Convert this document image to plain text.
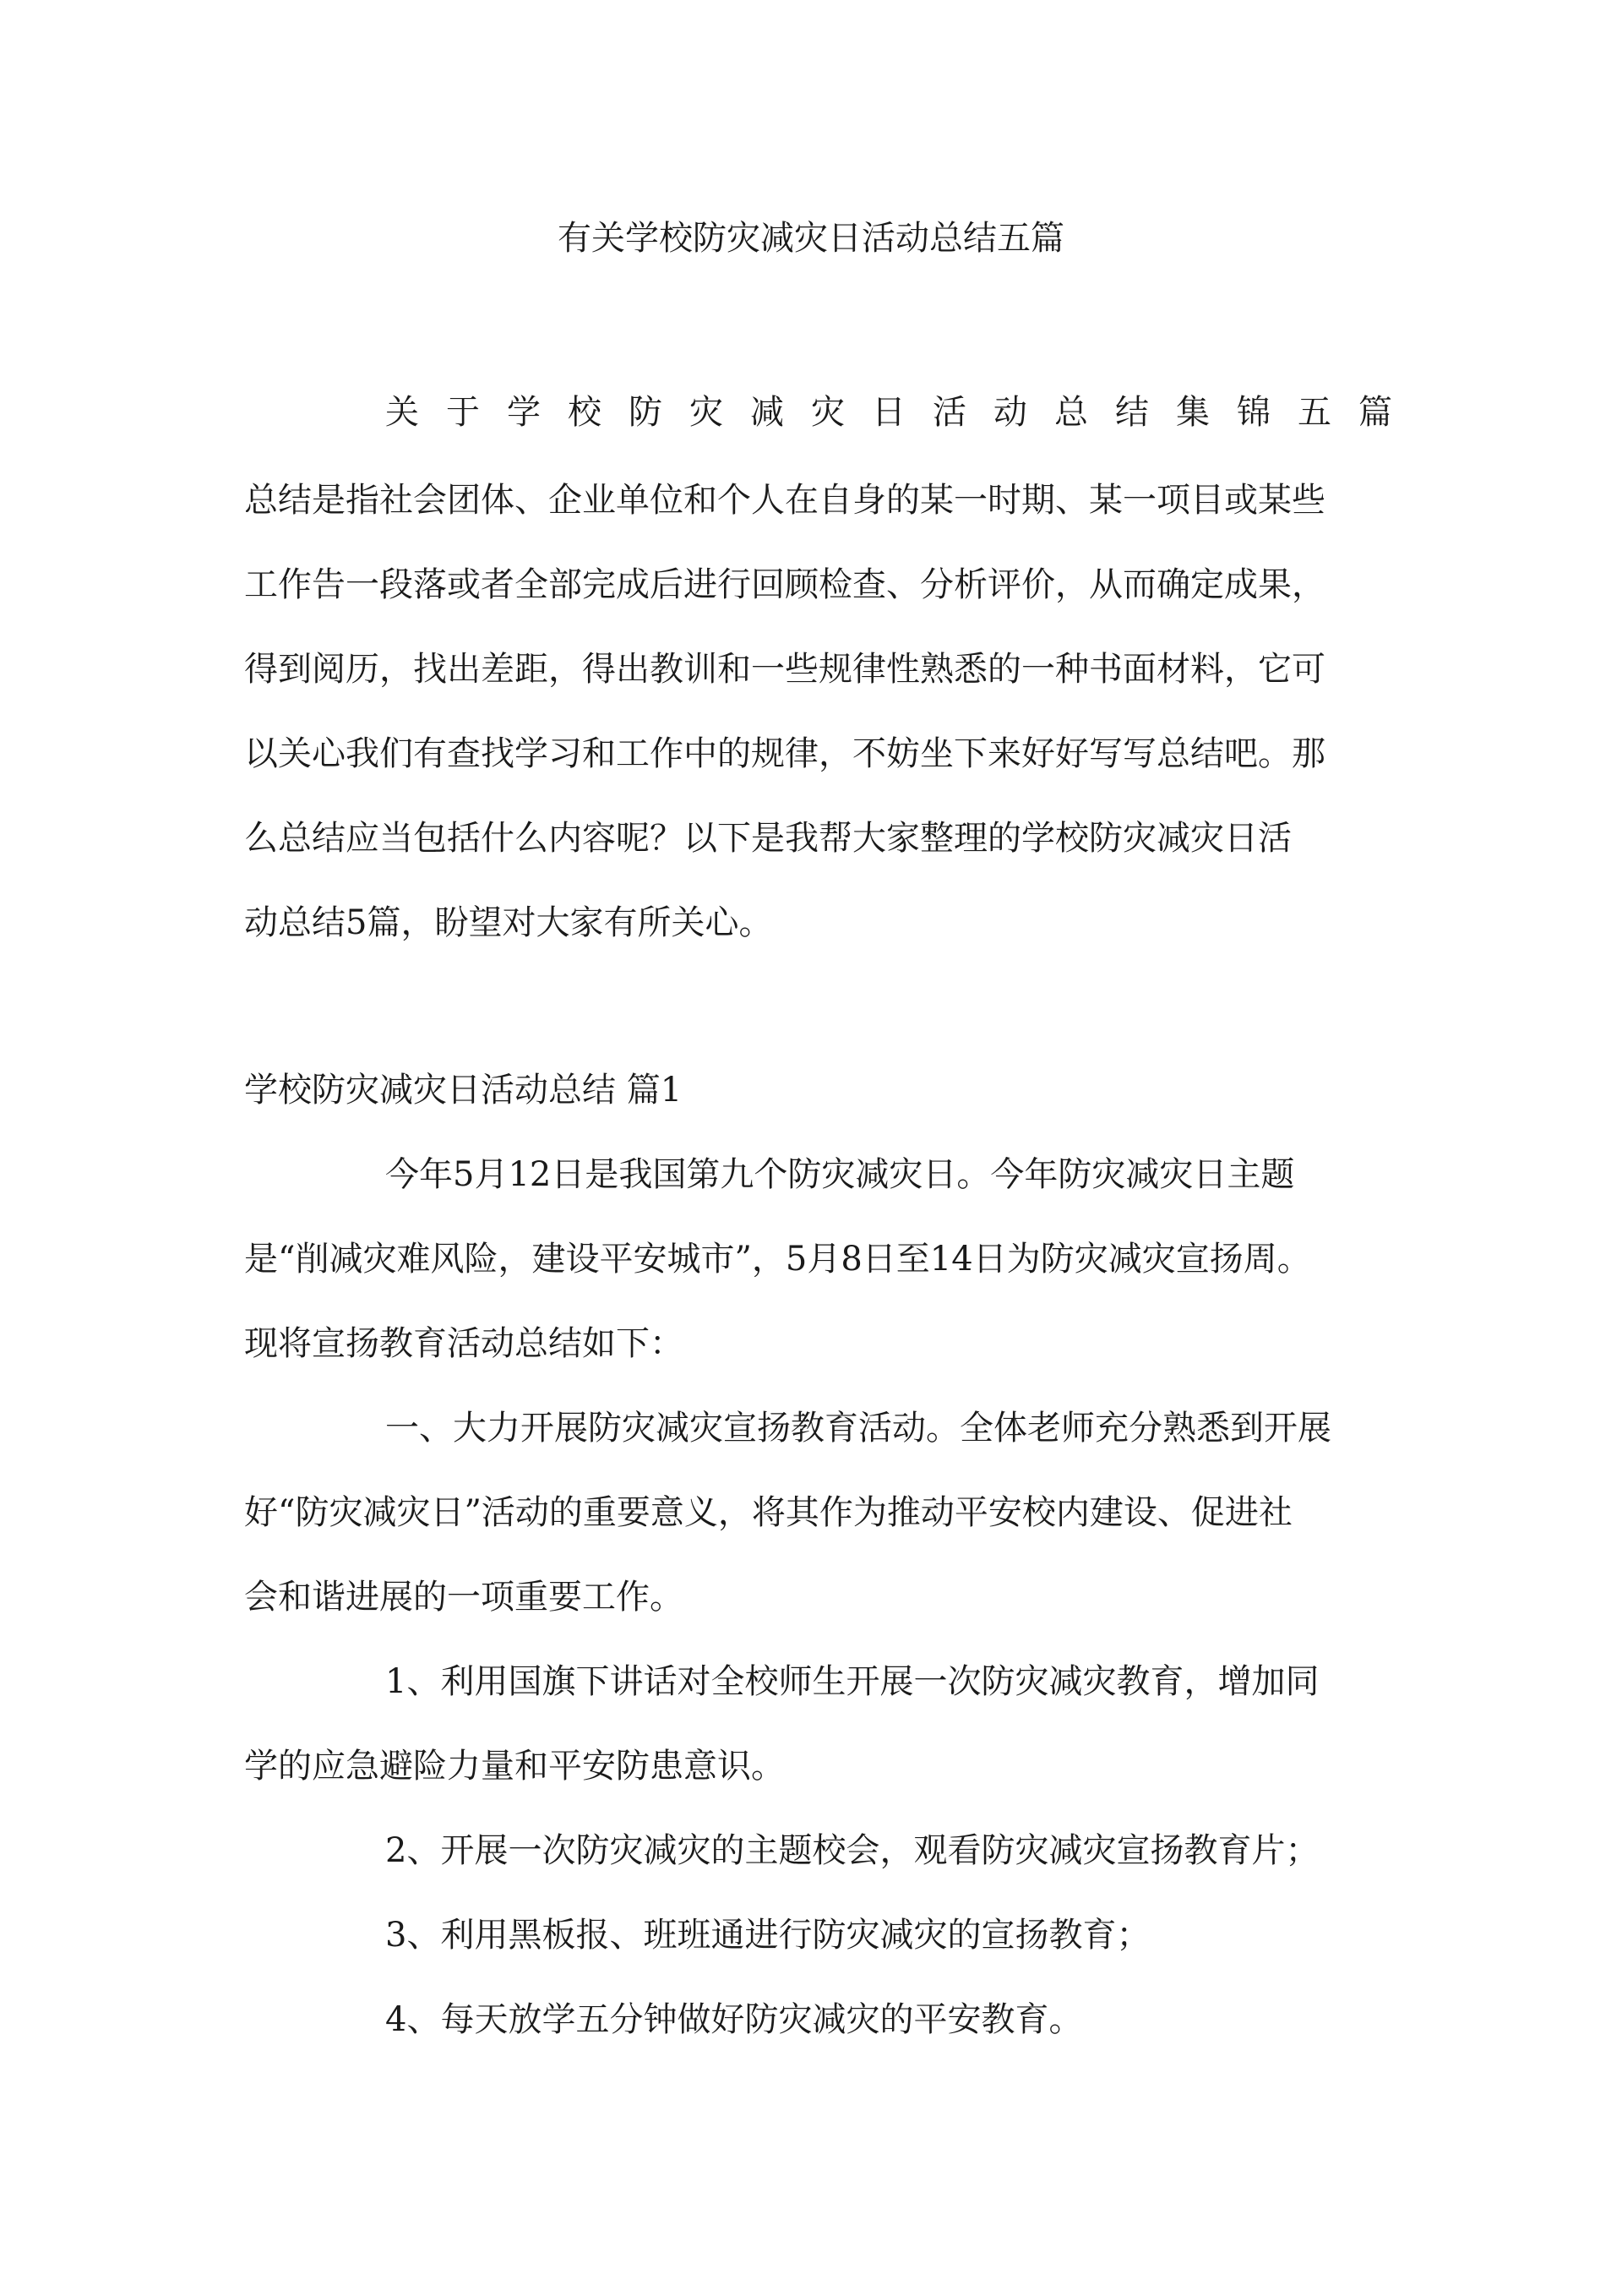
有关学校防灾减灾日活动总结五篇
关于学校防灾减灾日活动总结集锦五篇
总结是指社会团体、企业单位和个人在自身的某一时期、某一项目或某些
工作告一段落或者全部完成后进行回顾检查、分析评价，从而确定成果，
得到阅历，找出差距，得出教训和一些规律性熟悉的一种书面材料，它可
以关心我们有查找学习和工作中的规律，不妨坐下来好好写写总结吧。那
么总结应当包括什么内容呢？以下是我帮大家整理的学校防灾减灾日活
动总结5篇，盼望对大家有所关心。
学校防灾减灾日活动总结 篇1
今年5月12日是我国第九个防灾减灾日。今年防灾减灾日主题
是“削减灾难风险，建设平安城市”，5月8日至14日为防灾减灾宣扬周。
现将宣扬教育活动总结如下：
一、大力开展防灾减灾宣扬教育活动。全体老师充分熟悉到开展
好“防灾减灾日”活动的重要意义，将其作为推动平安校内建设、促进社
会和谐进展的一项重要工作。
1、利用国旗下讲话对全校师生开展一次防灾减灾教育，增加同
学的应急避险力量和平安防患意识。
2、开展一次防灾减灾的主题校会，观看防灾减灾宣扬教育片；
3、利用黑板报、班班通进行防灾减灾的宣扬教育；
4、每天放学五分钟做好防灾减灾的平安教育。
